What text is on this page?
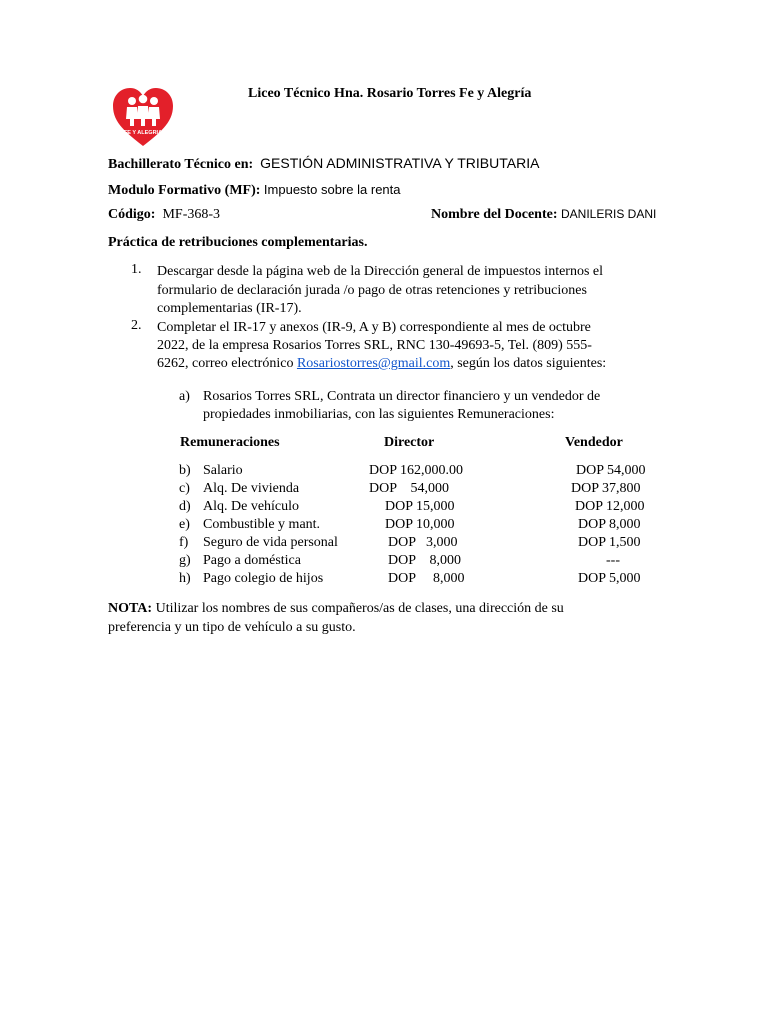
FE Y ALEGRIA
Liceo Técnico Hna. Rosario Torres Fe y Alegría
Bachillerato Técnico en: GESTIÓN ADMINISTRATIVA Y TRIBUTARIA
Modulo Formativo (MF): Impuesto sobre la renta
Código: MF-368-3	Nombre del Docente: DANILERIS DANI
Práctica de retribuciones complementarias.
1. Descargar desde la página web de la Dirección general de impuestos internos el
formulario de declaración jurada /o pago de otras retenciones y retribuciones
complementarias (IR-17).
2. Completar el IR-17 y anexos (IR-9, A y B) correspondiente al mes de octubre
2022, de la empresa Rosarios Torres SRL, RNC 130-49693-5, Tel. (809) 555-
6262, correo electrónico Rosariostorres@gmail.com, según los datos siguientes:
a) Rosarios Torres SRL, Contrata un director financiero y un vendedor de
propiedades inmobiliarias, con las siguientes Remuneraciones:
Remuneraciones	Director	Vendedor
b) Salario	DOP 162,000.00	DOP 54,000
c) Alq. De vivienda	DOP    54,000	DOP 37,800
d) Alq. De vehículo	DOP 15,000	DOP 12,000
e) Combustible y mant.	DOP 10,000	DOP 8,000
f) Seguro de vida personal	DOP   3,000	DOP 1,500
g) Pago a doméstica	DOP    8,000	---
h) Pago colegio de hijos	DOP     8,000	DOP 5,000
NOTA: Utilizar los nombres de sus compañeros/as de clases, una dirección de su
preferencia y un tipo de vehículo a su gusto.
